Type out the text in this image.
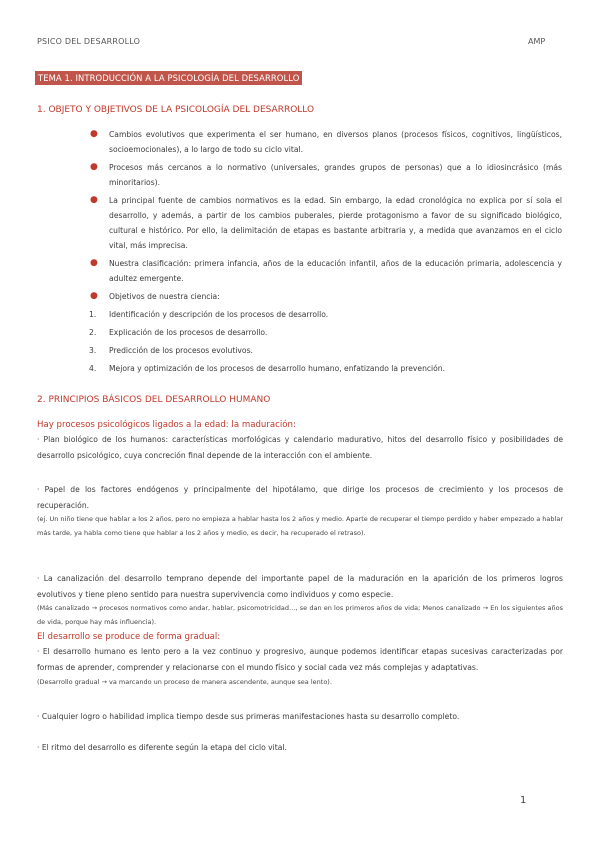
PSICO DEL DESARROLLO	AMP
TEMA 1. INTRODUCCIÓN A LA PSICOLOGÍA DEL DESARROLLO
1. OBJETO Y OBJETIVOS DE LA PSICOLOGÍA DEL DESARROLLO
● Cambios evolutivos que experimenta el ser humano, en diversos planos (procesos físicos, cognitivos, lingüísticos, socioemocionales), a lo largo de todo su ciclo vital.
● Procesos más cercanos a lo normativo (universales, grandes grupos de personas) que a lo idiosincrásico (más minoritarios).
● La principal fuente de cambios normativos es la edad. Sin embargo, la edad cronológica no explica por sí sola el desarrollo, y además, a partir de los cambios puberales, pierde protagonismo a favor de su significado biológico, cultural e histórico. Por ello, la delimitación de etapas es bastante arbitraria y, a medida que avanzamos en el ciclo vital, más imprecisa.
● Nuestra clasificación: primera infancia, años de la educación infantil, años de la educación primaria, adolescencia y adultez emergente.
● Objetivos de nuestra ciencia:
1. Identificación y descripción de los procesos de desarrollo.
2. Explicación de los procesos de desarrollo.
3. Predicción de los procesos evolutivos.
4. Mejora y optimización de los procesos de desarrollo humano, enfatizando la prevención.
2. PRINCIPIOS BÁSICOS DEL DESARROLLO HUMANO
Hay procesos psicológicos ligados a la edad: la maduración:
· Plan biológico de los humanos: características morfológicas y calendario madurativo, hitos del desarrollo físico y posibilidades de desarrollo psicológico, cuya concreción final depende de la interacción con el ambiente.
· Papel de los factores endógenos y principalmente del hipotálamo, que dirige los procesos de crecimiento y los procesos de recuperación.
(ej. Un niño tiene que hablar a los 2 años, pero no empieza a hablar hasta los 2 años y medio. Aparte de recuperar el tiempo perdido y haber empezado a hablar más tarde, ya habla como tiene que hablar a los 2 años y medio, es decir, ha recuperado el retraso).
· La canalización del desarrollo temprano depende del importante papel de la maduración en la aparición de los primeros logros evolutivos y tiene pleno sentido para nuestra supervivencia como individuos y como especie.
(Más canalizado → procesos normativos como andar, hablar, psicomotricidad…, se dan en los primeros años de vida; Menos canalizado → En los siguientes años de vida, porque hay más influencia).
El desarrollo se produce de forma gradual:
· El desarrollo humano es lento pero a la vez continuo y progresivo, aunque podemos identificar etapas sucesivas caracterizadas por formas de aprender, comprender y relacionarse con el mundo físico y social cada vez más complejas y adaptativas.
(Desarrollo gradual → va marcando un proceso de manera ascendente, aunque sea lento).
· Cualquier logro o habilidad implica tiempo desde sus primeras manifestaciones hasta su desarrollo completo.
· El ritmo del desarrollo es diferente según la etapa del ciclo vital.
1
